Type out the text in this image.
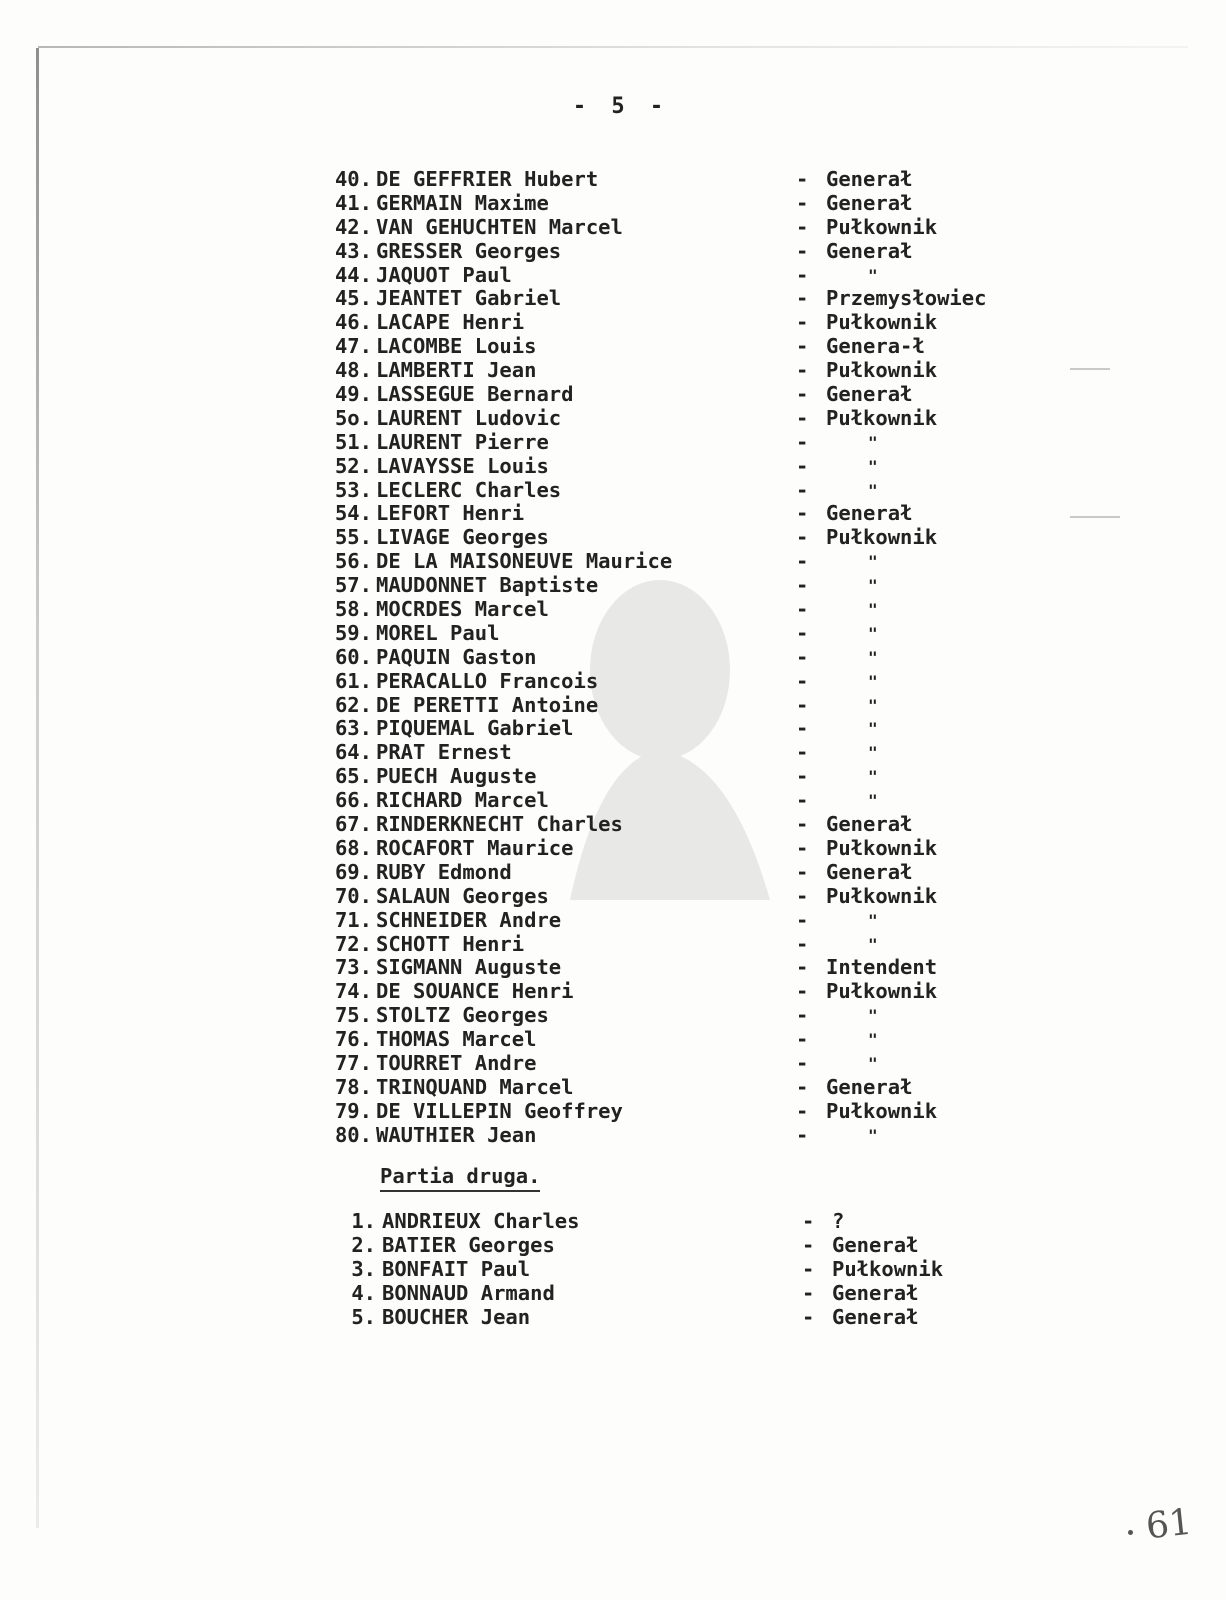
- 5 -
40. DE GEFFRIER Hubert	- Generał
41. GERMAIN Maxime	- Generał
42. VAN GEHUCHTEN Marcel	- Pułkownik
43. GRESSER Georges	- Generał
44. JAQUOT Paul	-	"
45. JEANTET Gabriel	- Przemysłowiec
46. LACAPE Henri	- Pułkownik
47. LACOMBE Louis	- Genera-ł
48. LAMBERTI Jean	- Pułkownik
49. LASSEGUE Bernard	- Generał
5o. LAURENT Ludovic	- Pułkownik
51. LAURENT Pierre	-	"
52. LAVAYSSE Louis	-	"
53. LECLERC Charles	-	"
54. LEFORT Henri	- Generał
55. LIVAGE Georges	- Pułkownik
56. DE LA MAISONEUVE Maurice	-	"
57. MAUDONNET Baptiste	-	"
58. MOCRDES Marcel	-	"
59. MOREL Paul	-	"
60. PAQUIN Gaston	-	"
61. PERACALLO Francois	-	"
62. DE PERETTI Antoine	-	"
63. PIQUEMAL Gabriel	-	"
64. PRAT Ernest	-	"
65. PUECH Auguste	-	"
66. RICHARD Marcel	-	"
67. RINDERKNECHT Charles	- Generał
68. ROCAFORT Maurice	- Pułkownik
69. RUBY Edmond	- Generał
70. SALAUN Georges	- Pułkownik
71. SCHNEIDER Andre	-	"
72. SCHOTT Henri	-	"
73. SIGMANN Auguste	- Intendent
74. DE SOUANCE Henri	- Pułkownik
75. STOLTZ Georges	-	"
76. THOMAS Marcel	-	"
77. TOURRET Andre	-	"
78. TRINQUAND Marcel	- Generał
79. DE VILLEPIN Geoffrey	- Pułkownik
80. WAUTHIER Jean	-	"
Partia druga.
1. ANDRIEUX Charles	- ?
2. BATIER Georges	- Generał
3. BONFAIT Paul	- Pułkownik
4. BONNAUD Armand	- Generał
5. BOUCHER Jean	- Generał
61
